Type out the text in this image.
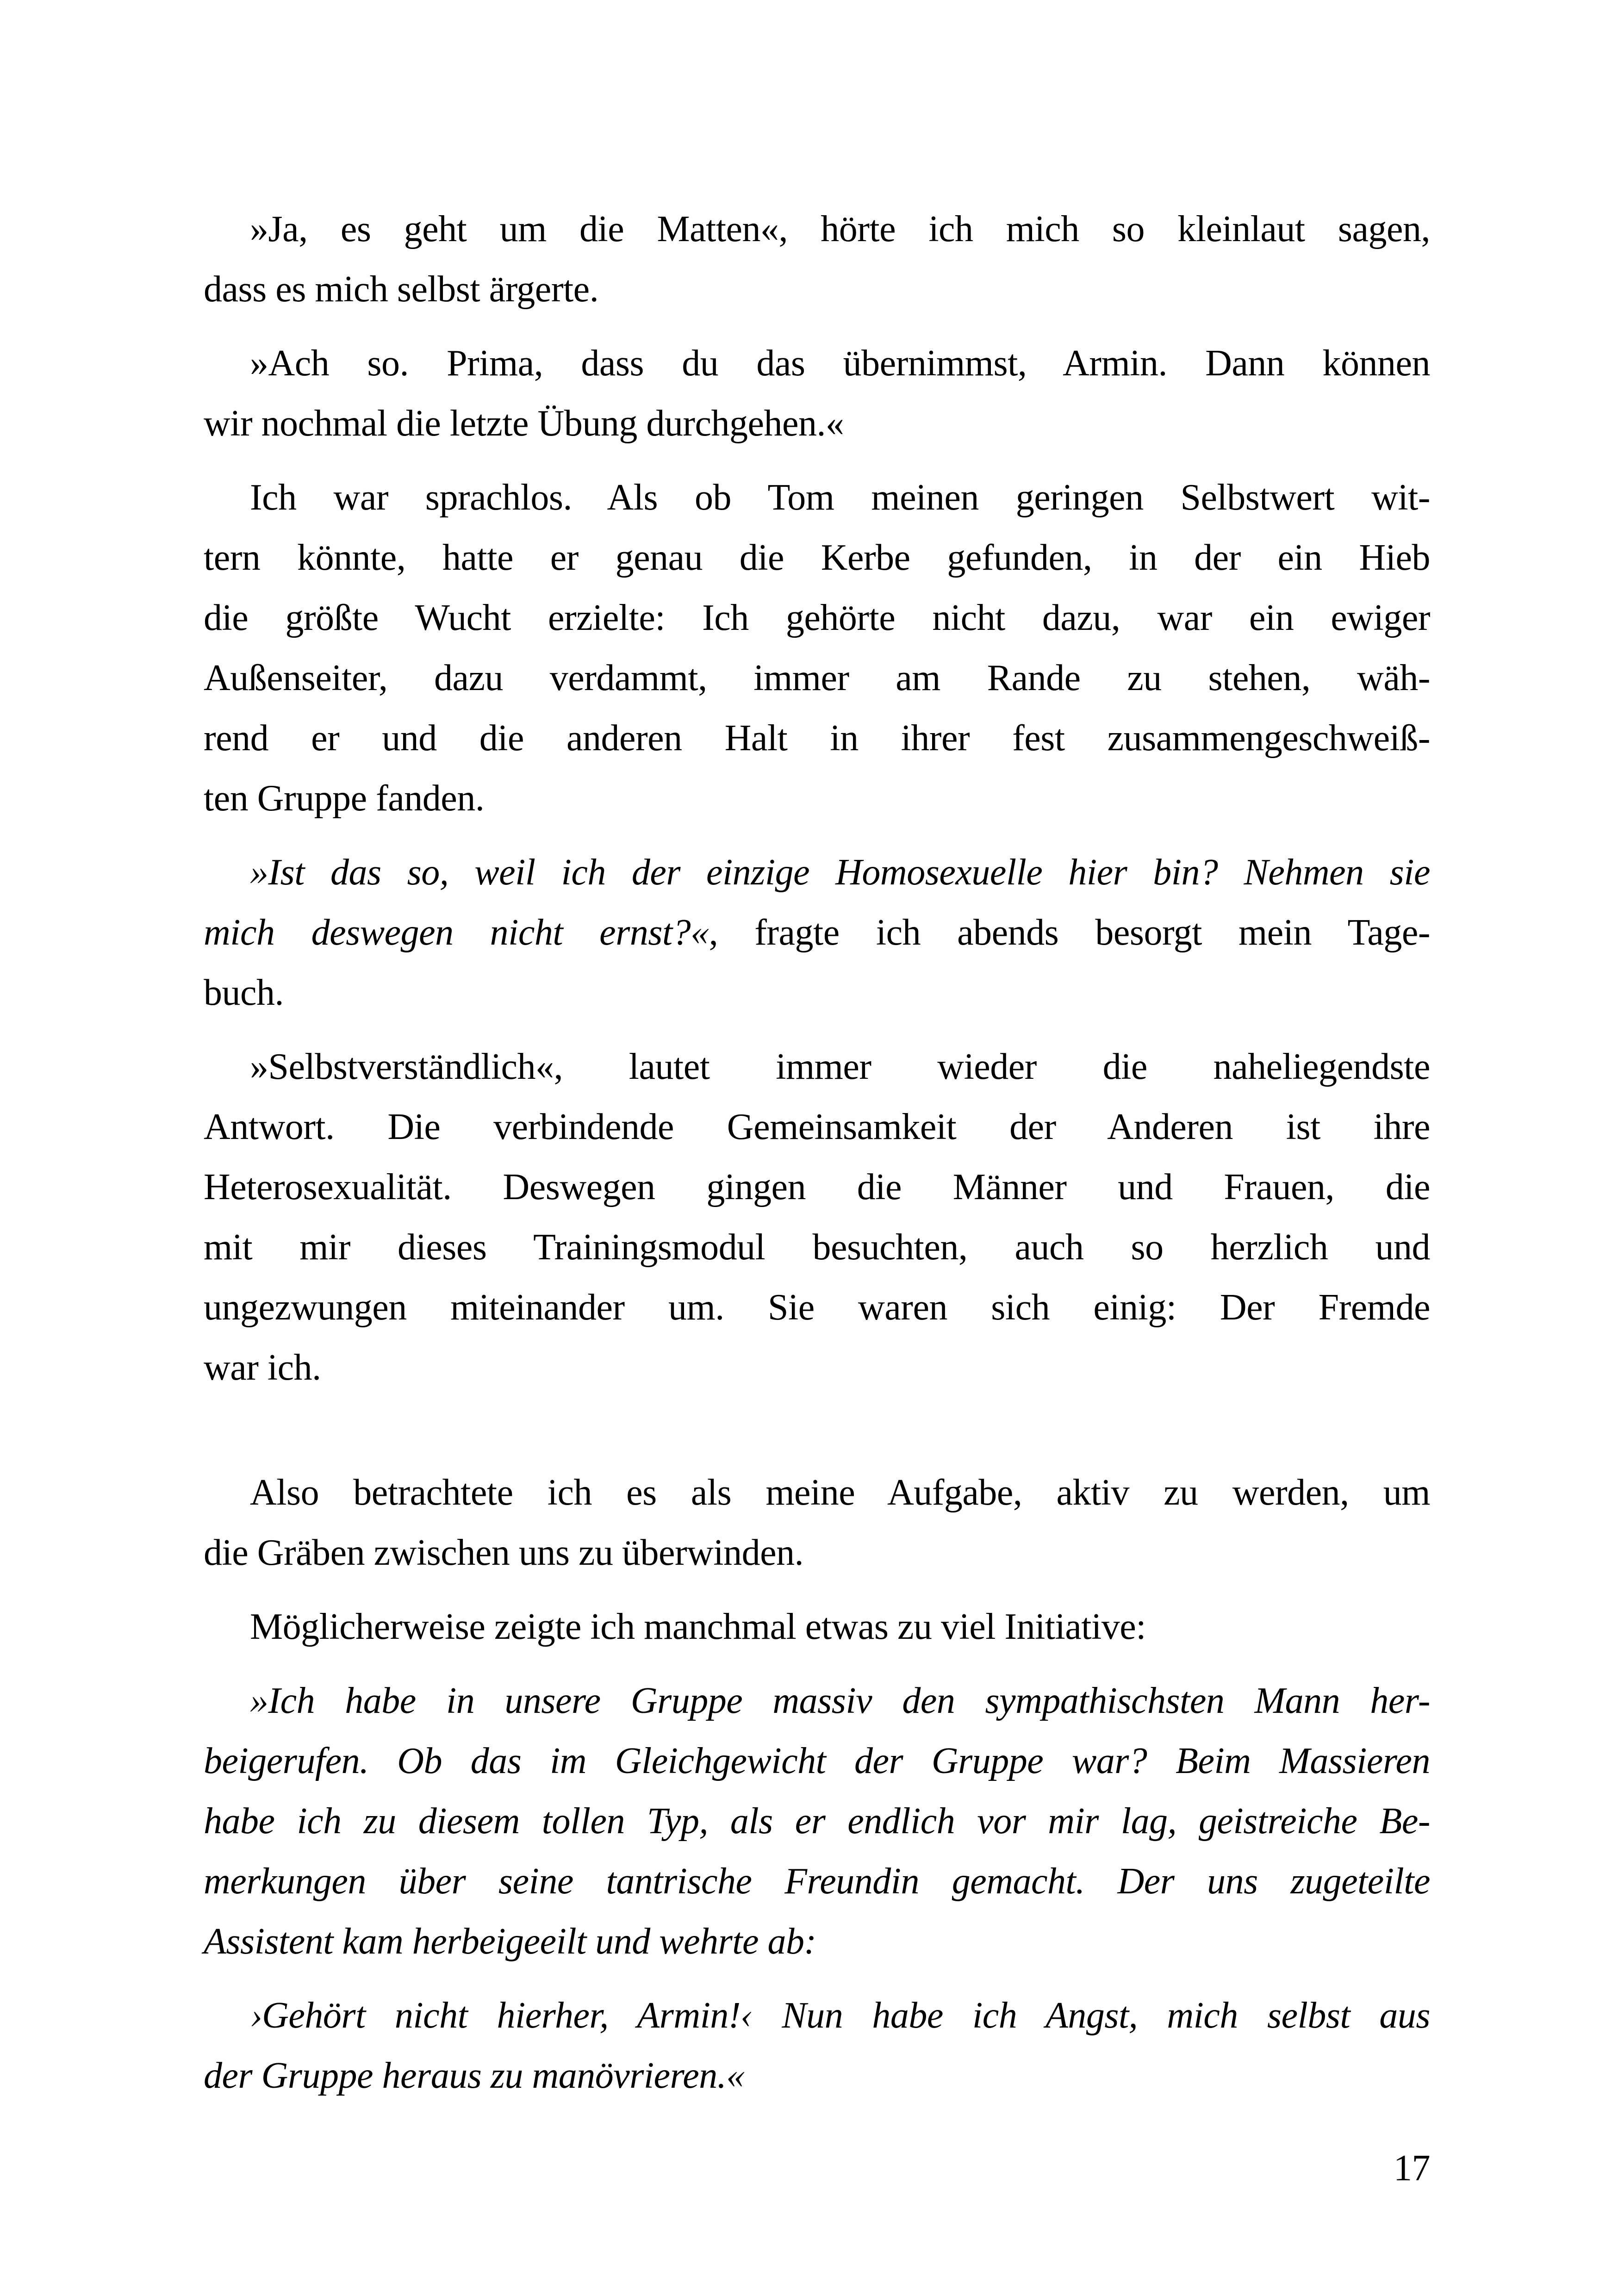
»Ja, es geht um die Matten«, hörte ich mich so kleinlaut sagen,
dass es mich selbst ärgerte.
»Ach so. Prima, dass du das übernimmst, Armin. Dann können
wir nochmal die letzte Übung durchgehen.«
Ich war sprachlos. Als ob Tom meinen geringen Selbstwert wit-
tern könnte, hatte er genau die Kerbe gefunden, in der ein Hieb
die größte Wucht erzielte: Ich gehörte nicht dazu, war ein ewiger
Außenseiter, dazu verdammt, immer am Rande zu stehen, wäh-
rend er und die anderen Halt in ihrer fest zusammengeschweiß-
ten Gruppe fanden.
»Ist das so, weil ich der einzige Homosexuelle hier bin? Nehmen sie
mich deswegen nicht ernst?«, fragte ich abends besorgt mein Tage-
buch.
»Selbstverständlich«, lautet immer wieder die naheliegendste
Antwort. Die verbindende Gemeinsamkeit der Anderen ist ihre
Heterosexualität. Deswegen gingen die Männer und Frauen, die
mit mir dieses Trainingsmodul besuchten, auch so herzlich und
ungezwungen miteinander um. Sie waren sich einig: Der Fremde
war ich.
Also betrachtete ich es als meine Aufgabe, aktiv zu werden, um
die Gräben zwischen uns zu überwinden.
Möglicherweise zeigte ich manchmal etwas zu viel Initiative:
»Ich habe in unsere Gruppe massiv den sympathischsten Mann her-
beigerufen. Ob das im Gleichgewicht der Gruppe war? Beim Massieren
habe ich zu diesem tollen Typ, als er endlich vor mir lag, geistreiche Be-
merkungen über seine tantrische Freundin gemacht. Der uns zugeteilte
Assistent kam herbeigeeilt und wehrte ab:
›Gehört nicht hierher, Armin!‹ Nun habe ich Angst, mich selbst aus
der Gruppe heraus zu manövrieren.«
17
